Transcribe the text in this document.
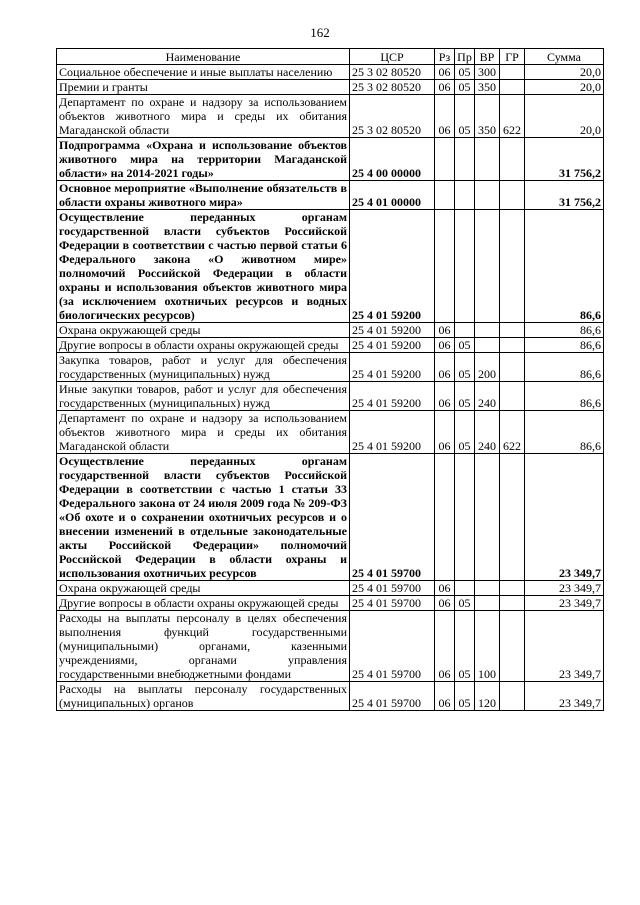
162
Наименование	ЦСР	Рз	Пр	ВР	ГР	Сумма
Социальное обеспечение и иные выплаты населению	25 3 02 80520	06	05	300		20,0
Премии и гранты	25 3 02 80520	06	05	350		20,0
Департамент по охране и надзору за использованием объектов животного мира и среды их обитания Магаданской области	25 3 02 80520	06	05	350	622	20,0
Подпрограмма «Охрана и использование объектов животного мира на территории Магаданской области» на 2014-2021 годы»	25 4 00 00000					31 756,2
Основное мероприятие «Выполнение обязательств в области охраны животного мира»	25 4 01 00000					31 756,2
Осуществление переданных органам государственной власти субъектов Российской Федерации в соответствии с частью первой статьи 6 Федерального закона «О животном мире» полномочий Российской Федерации в области охраны и использования объектов животного мира (за исключением охотничьих ресурсов и водных биологических ресурсов)	25 4 01 59200					86,6
Охрана окружающей среды	25 4 01 59200	06				86,6
Другие вопросы в области охраны окружающей среды	25 4 01 59200	06	05			86,6
Закупка товаров, работ и услуг для обеспечения государственных (муниципальных) нужд	25 4 01 59200	06	05	200		86,6
Иные закупки товаров, работ и услуг для обеспечения государственных (муниципальных) нужд	25 4 01 59200	06	05	240		86,6
Департамент по охране и надзору за использованием объектов животного мира и среды их обитания Магаданской области	25 4 01 59200	06	05	240	622	86,6
Осуществление переданных органам государственной власти субъектов Российской Федерации в соответствии с частью 1 статьи 33 Федерального закона от 24 июля 2009 года № 209-ФЗ «Об охоте и о сохранении охотничьих ресурсов и о внесении изменений в отдельные законодательные акты Российской Федерации» полномочий Российской Федерации в области охраны и использования охотничьих ресурсов	25 4 01 59700					23 349,7
Охрана окружающей среды	25 4 01 59700	06				23 349,7
Другие вопросы в области охраны окружающей среды	25 4 01 59700	06	05			23 349,7
Расходы на выплаты персоналу в целях обеспечения выполнения функций государственными (муниципальными) органами, казенными учреждениями, органами управления государственными внебюджетными фондами	25 4 01 59700	06	05	100		23 349,7
Расходы на выплаты персоналу государственных (муниципальных) органов	25 4 01 59700	06	05	120		23 349,7
